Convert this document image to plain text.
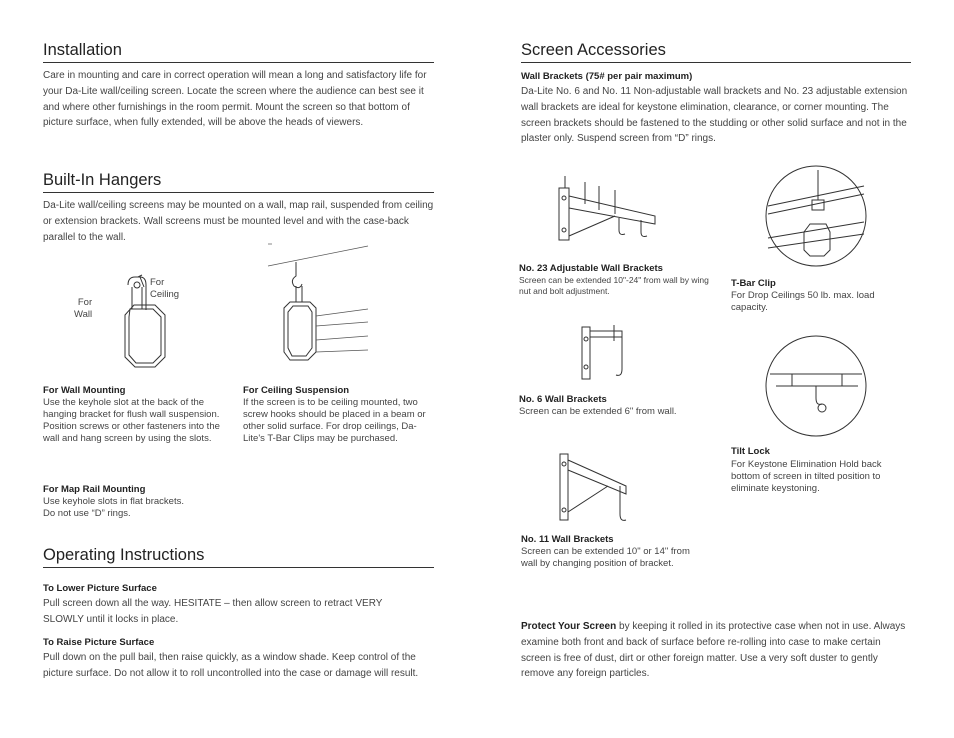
Installation
Care in mounting and care in correct operation will mean a long and satisfactory life for your Da-Lite wall/ceiling screen. Locate the screen where the audience can best see it and where other furnishings in the room permit. Mount the screen so that bottom of picture surface, when fully extended, will be above the heads of viewers.
Built-In Hangers
Da-Lite wall/ceiling screens may be mounted on a wall, map rail, suspended from ceiling or extension brackets. Wall screens must be mounted level and with the case-back parallel to the wall.
For
Ceiling
For
Wall
For Wall Mounting
Use the keyhole slot at the back of the hanging bracket for flush wall suspension. Position screws or other fasteners into the wall and hang screen by using the slots.
For Ceiling Suspension
If the screen is to be ceiling mounted, two screw hooks should be placed in a beam or other solid surface. For drop ceilings, Da-Lite's T-Bar Clips may be purchased.
For Map Rail Mounting
Use keyhole slots in flat brackets.
Do not use “D” rings.
Operating Instructions
To Lower Picture Surface
Pull screen down all the way. HESITATE – then allow screen to retract VERY SLOWLY until it locks in place.
To Raise Picture Surface
Pull down on the pull bail, then raise quickly, as a window shade. Keep control of the picture surface. Do not allow it to roll uncontrolled into the case or damage will result.
Screen Accessories
Wall Brackets (75# per pair maximum)
Da-Lite No. 6 and No. 11 Non-adjustable wall brackets and No. 23 adjustable extension wall brackets are ideal for keystone elimination, clearance, or corner mounting. The screen brackets should be fastened to the studding or other solid surface and not in the plaster only. Suspend screen from “D” rings.
No. 23 Adjustable Wall Brackets
Screen can be extended 10"-24" from wall by wing nut and bolt adjustment.
T-Bar Clip
For Drop Ceilings 50 lb. max. load capacity.
No. 6 Wall Brackets
Screen can be extended 6" from wall.
Tilt Lock
For Keystone Elimination Hold back bottom of screen in tilted position to eliminate keystoning.
No. 11 Wall Brackets
Screen can be extended 10" or 14" from wall by changing position of bracket.
Protect Your Screen by keeping it rolled in its protective case when not in use. Always examine both front and back of surface before re-rolling into case to make certain screen is free of dust, dirt or other foreign matter. Use a very soft duster to gently remove any foreign particles.
